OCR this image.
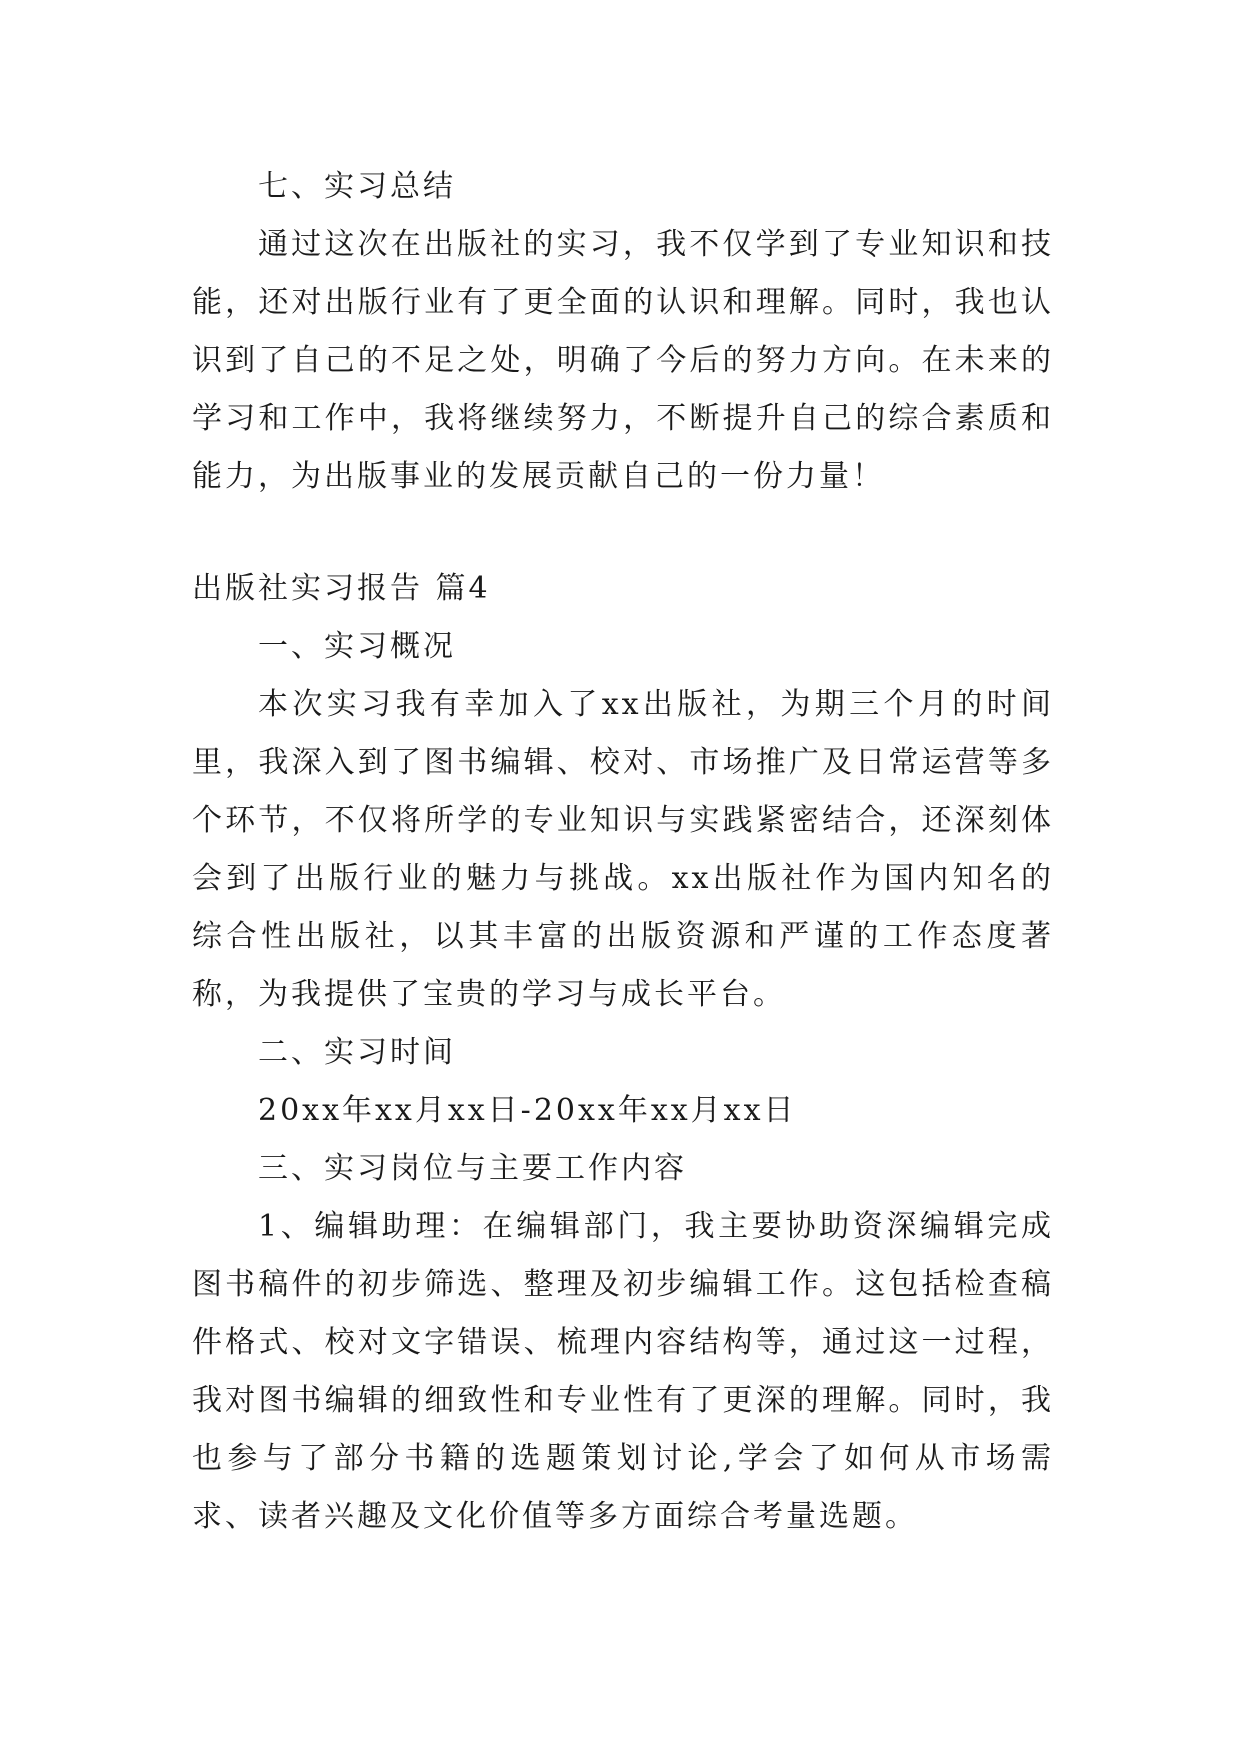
七、实习总结

通过这次在出版社的实习，我不仅学到了专业知识和技能，还对出版行业有了更全面的认识和理解。同时，我也认识到了自己的不足之处，明确了今后的努力方向。在未来的学习和工作中，我将继续努力，不断提升自己的综合素质和能力，为出版事业的发展贡献自己的一份力量！

出版社实习报告 篇4

一、实习概况

本次实习我有幸加入了xx出版社，为期三个月的时间里，我深入到了图书编辑、校对、市场推广及日常运营等多个环节，不仅将所学的专业知识与实践紧密结合，还深刻体会到了出版行业的魅力与挑战。xx出版社作为国内知名的综合性出版社，以其丰富的出版资源和严谨的工作态度著称，为我提供了宝贵的学习与成长平台。

二、实习时间

20xx年xx月xx日-20xx年xx月xx日

三、实习岗位与主要工作内容

1、编辑助理：在编辑部门，我主要协助资深编辑完成图书稿件的初步筛选、整理及初步编辑工作。这包括检查稿件格式、校对文字错误、梳理内容结构等，通过这一过程，我对图书编辑的细致性和专业性有了更深的理解。同时，我也参与了部分书籍的选题策划讨论,学会了如何从市场需求、读者兴趣及文化价值等多方面综合考量选题。
